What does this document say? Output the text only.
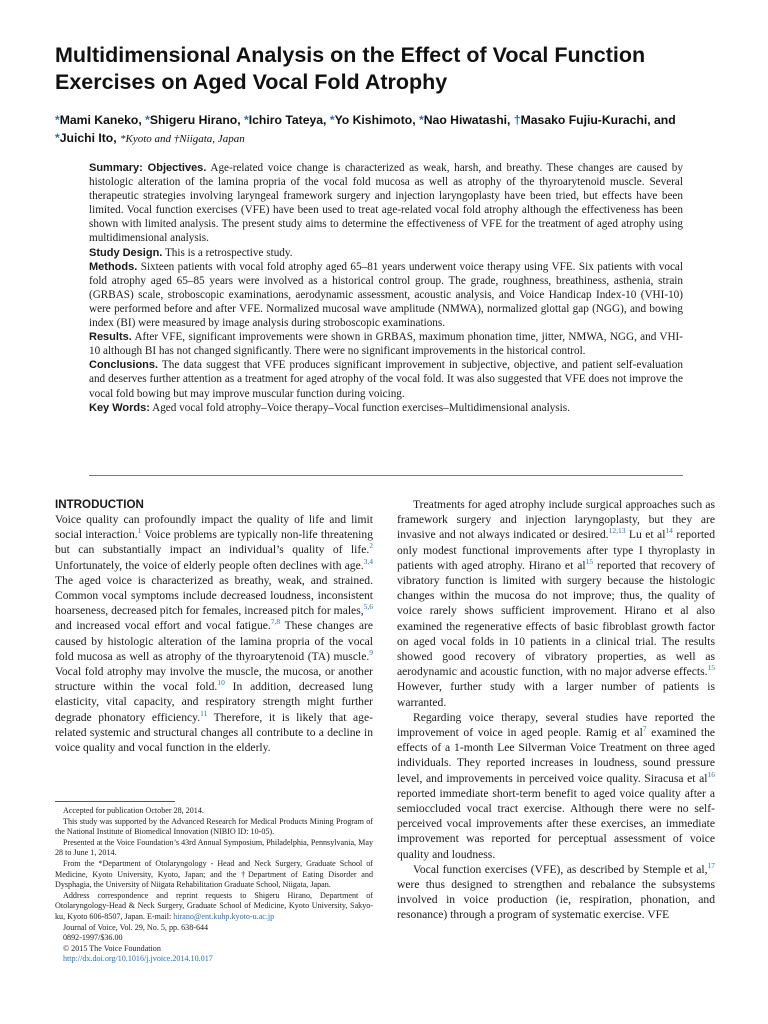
Multidimensional Analysis on the Effect of Vocal Function Exercises on Aged Vocal Fold Atrophy
*Mami Kaneko, *Shigeru Hirano, *Ichiro Tateya, *Yo Kishimoto, *Nao Hiwatashi, †Masako Fujiu-Kurachi, and *Juichi Ito, *Kyoto and †Niigata, Japan

Summary: Objectives. Age-related voice change is characterized as weak, harsh, and breathy. These changes are caused by histologic alteration of the lamina propria of the vocal fold mucosa as well as atrophy of the thyroarytenoid muscle. Several therapeutic strategies involving laryngeal framework surgery and injection laryngoplasty have been tried, but effects have been limited. Vocal function exercises (VFE) have been used to treat age-related vocal fold atrophy although the effectiveness has been shown with limited analysis. The present study aims to determine the effectiveness of VFE for the treatment of aged atrophy using multidimensional analysis.

Study Design. This is a retrospective study.

Methods. Sixteen patients with vocal fold atrophy aged 65–81 years underwent voice therapy using VFE. Six patients with vocal fold atrophy aged 65–85 years were involved as a historical control group. The grade, roughness, breathiness, asthenia, strain (GRBAS) scale, stroboscopic examinations, aerodynamic assessment, acoustic analysis, and Voice Handicap Index-10 (VHI-10) were performed before and after VFE. Normalized mucosal wave amplitude (NMWA), normalized glottal gap (NGG), and bowing index (BI) were measured by image analysis during stroboscopic examinations.

Results. After VFE, significant improvements were shown in GRBAS, maximum phonation time, jitter, NMWA, NGG, and VHI-10 although BI has not changed significantly. There were no significant improvements in the historical control.

Conclusions. The data suggest that VFE produces significant improvement in subjective, objective, and patient self-evaluation and deserves further attention as a treatment for aged atrophy of the vocal fold. It was also suggested that VFE does not improve the vocal fold bowing but may improve muscular function during voicing.

Key Words: Aged vocal fold atrophy–Voice therapy–Vocal function exercises–Multidimensional analysis.

INTRODUCTION

Voice quality can profoundly impact the quality of life and limit social interaction.$^1$ Voice problems are typically non-life threatening but can substantially impact an individual’s quality of life.$^2$ Unfortunately, the voice of elderly people often declines with age.$^{3,4}$ The aged voice is characterized as breathy, weak, and strained. Common vocal symptoms include decreased loudness, inconsistent hoarseness, decreased pitch for females, increased pitch for males,$^{5,6}$ and increased vocal effort and vocal fatigue.$^{7,8}$ These changes are caused by histologic alteration of the lamina propria of the vocal fold mucosa as well as atrophy of the thyroarytenoid (TA) muscle.$^9$ Vocal fold atrophy may involve the muscle, the mucosa, or another structure within the vocal fold.$^{10}$ In addition, decreased lung elasticity, vital capacity, and respiratory strength might further degrade phonatory efficiency.$^{11}$ Therefore, it is likely that age-related systemic and structural changes all contribute to a decline in voice quality and vocal function in the elderly.

Accepted for publication October 28, 2014.

This study was supported by the Advanced Research for Medical Products Mining Program of the National Institute of Biomedical Innovation (NIBIO ID: 10-05).

Presented at the Voice Foundation’s 43rd Annual Symposium, Philadelphia, Pennsylvania, May 28 to June 1, 2014.

From the *Department of Otolaryngology - Head and Neck Surgery, Graduate School of Medicine, Kyoto University, Kyoto, Japan; and the †Department of Eating Disorder and Dysphagia, the University of Niigata Rehabilitation Graduate School, Niigata, Japan.

Address correspondence and reprint requests to Shigeru Hirano, Department of Otolaryngology-Head & Neck Surgery, Graduate School of Medicine, Kyoto University, Sakyo-ku, Kyoto 606-8507, Japan. E-mail: hirano@ent.kuhp.kyoto-u.ac.jp

Journal of Voice, Vol. 29, No. 5, pp. 638-644

0892-1997/$36.00

© 2015 The Voice Foundation

http://dx.doi.org/10.1016/j.jvoice.2014.10.017

Treatments for aged atrophy include surgical approaches such as framework surgery and injection laryngoplasty, but they are invasive and not always indicated or desired.$^{12,13}$ Lu et al$^{14}$ reported only modest functional improvements after type I thyroplasty in patients with aged atrophy. Hirano et al$^{15}$ reported that recovery of vibratory function is limited with surgery because the histologic changes within the mucosa do not improve; thus, the quality of voice rarely shows sufficient improvement. Hirano et al also examined the regenerative effects of basic fibroblast growth factor on aged vocal folds in 10 patients in a clinical trial. The results showed good recovery of vibratory properties, as well as aerodynamic and acoustic function, with no major adverse effects.$^{15}$ However, further study with a larger number of patients is warranted.

Regarding voice therapy, several studies have reported the improvement of voice in aged people. Ramig et al$^7$ examined the effects of a 1-month Lee Silverman Voice Treatment on three aged individuals. They reported increases in loudness, sound pressure level, and improvements in perceived voice quality. Siracusa et al$^{16}$ reported immediate short-term benefit to aged voice quality after a semioccluded vocal tract exercise. Although there were no self-perceived vocal improvements after these exercises, an immediate improvement was reported for perceptual assessment of voice quality and loudness.

Vocal function exercises (VFE), as described by Stemple et al,$^{17}$ were thus designed to strengthen and rebalance the subsystems involved in voice production (ie, respiration, phonation, and resonance) through a program of systematic exercise. VFE
